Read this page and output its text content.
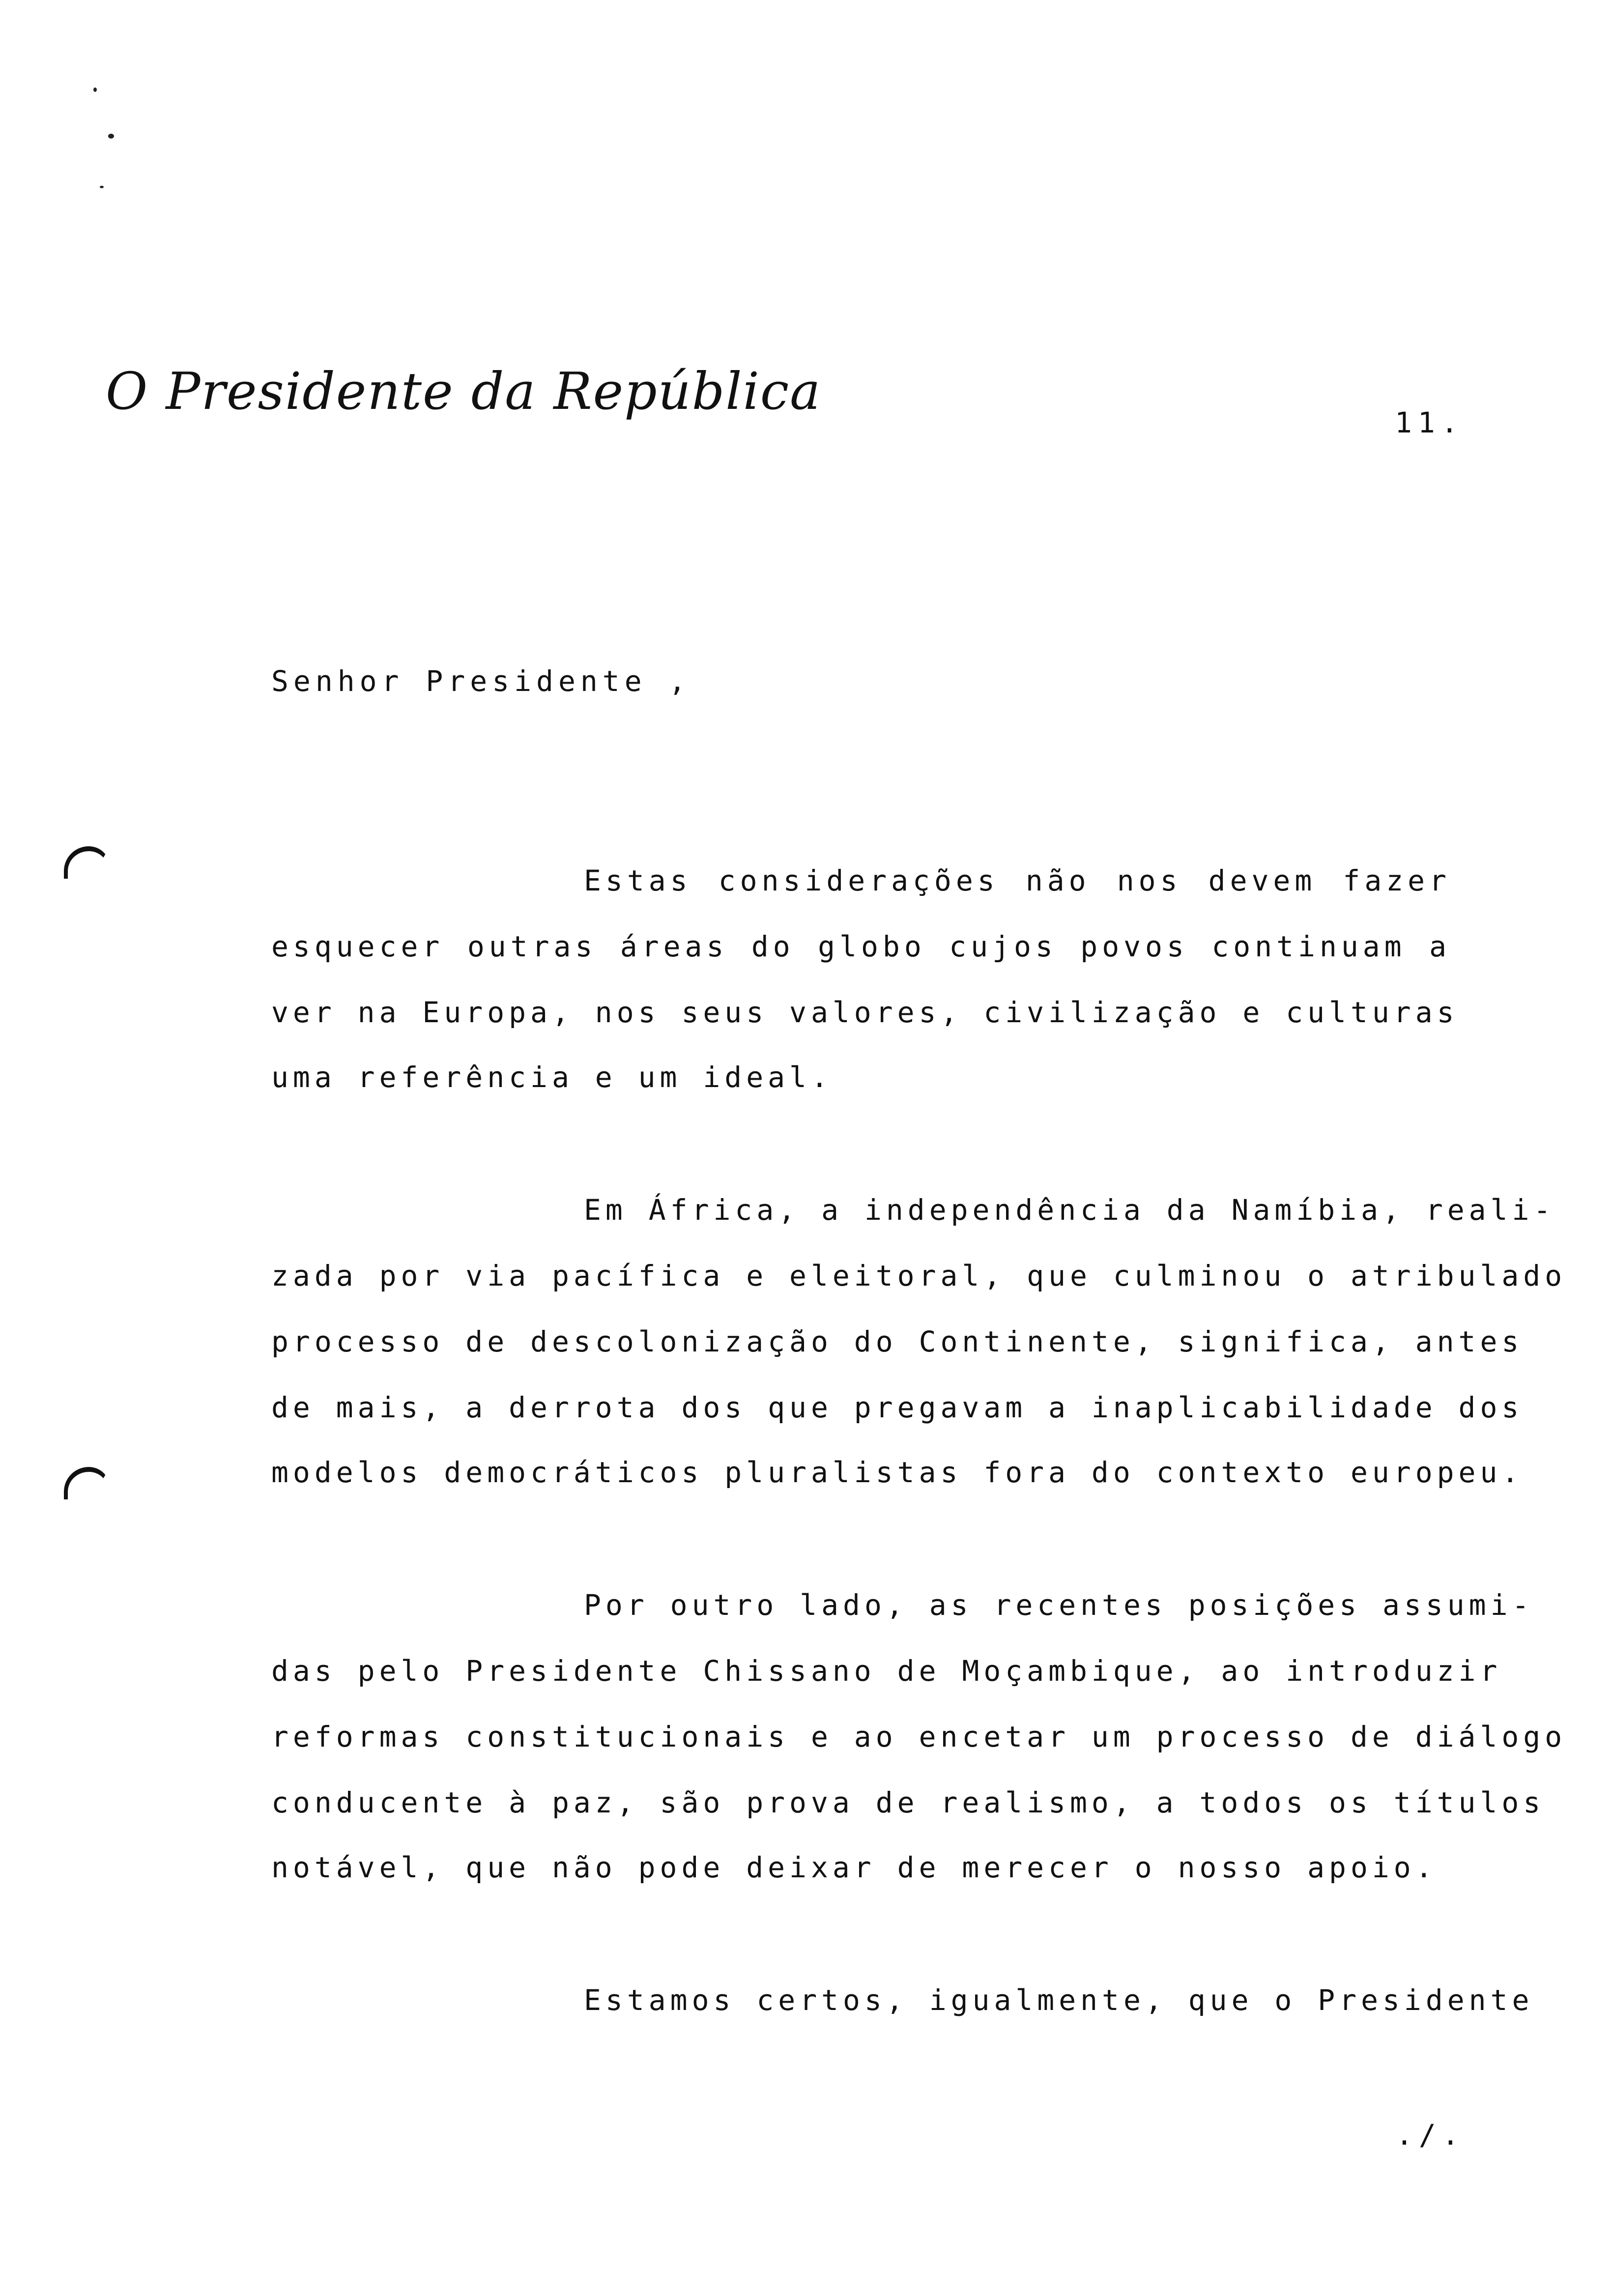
O Presidente da República
11.
Senhor Presidente ,
Estas considerações não nos devem fazer
esquecer outras áreas do globo cujos povos continuam a
ver na Europa, nos seus valores, civilização e culturas
uma referência e um ideal.
Em África, a independência da Namíbia, reali-
zada por via pacífica e eleitoral, que culminou o atribulado
processo de descolonização do Continente, significa, antes
de mais, a derrota dos que pregavam a inaplicabilidade dos
modelos democráticos pluralistas fora do contexto europeu.
Por outro lado, as recentes posições assumi-
das pelo Presidente Chissano de Moçambique, ao introduzir
reformas constitucionais e ao encetar um processo de diálogo
conducente à paz, são prova de realismo, a todos os títulos
notável, que não pode deixar de merecer o nosso apoio.
Estamos certos, igualmente, que o Presidente
./.
